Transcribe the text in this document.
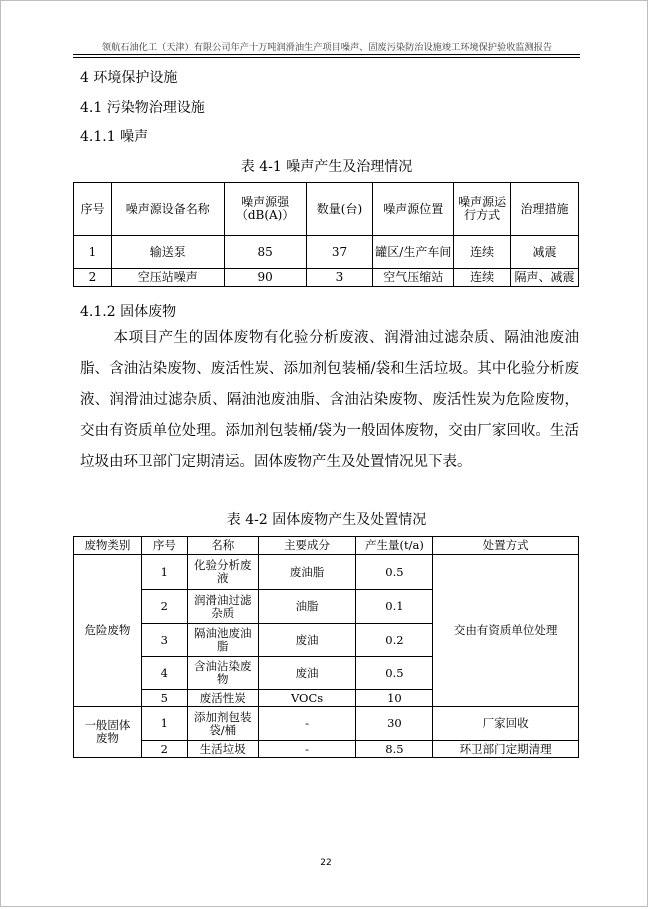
领航石油化工（天津）有限公司年产十万吨润滑油生产项目噪声、固废污染防治设施竣工环境保护验收监测报告
4 环境保护设施
4.1 污染物治理设施
4.1.1 噪声
表 4-1 噪声产生及治理情况
序号	噪声源设备名称	噪声源强（dB(A)）	数量(台)	噪声源位置	噪声源运行方式	治理措施
1	输送泵	85	37	罐区/生产车间	连续	减震
2	空压站噪声	90	3	空气压缩站	连续	隔声、减震
4.1.2 固体废物
本项目产生的固体废物有化验分析废液、润滑油过滤杂质、隔油池废油脂、含油沾染废物、废活性炭、添加剂包装桶/袋和生活垃圾。其中化验分析废液、润滑油过滤杂质、隔油池废油脂、含油沾染废物、废活性炭为危险废物，交由有资质单位处理。添加剂包装桶/袋为一般固体废物，交由厂家回收。生活垃圾由环卫部门定期清运。固体废物产生及处置情况见下表。
表 4-2 固体废物产生及处置情况
废物类别	序号	名称	主要成分	产生量(t/a)	处置方式
危险废物	1	化验分析废液	废油脂	0.5	交由有资质单位处理
	2	润滑油过滤杂质	油脂	0.1	
	3	隔油池废油脂	废油	0.2	
	4	含油沾染废物	废油	0.5	
	5	废活性炭	VOCs	10	
一般固体废物	1	添加剂包装袋/桶	-	30	厂家回收
	2	生活垃圾	-	8.5	环卫部门定期清理
22
